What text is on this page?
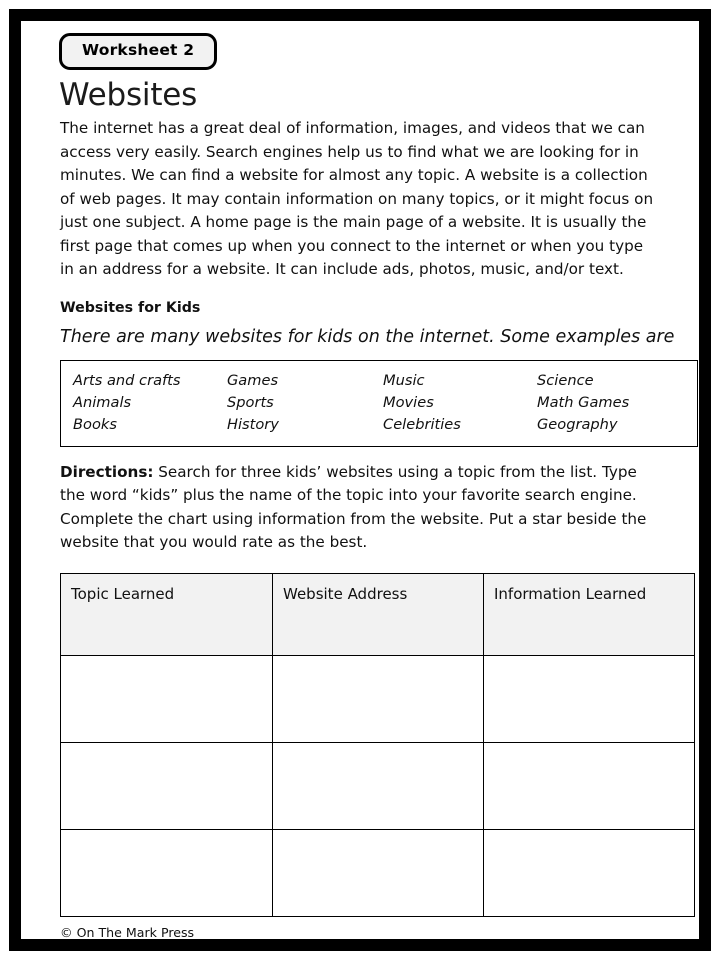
Worksheet 2
Websites

The internet has a great deal of information, images, and videos that we can access very easily. Search engines help us to find what we are looking for in minutes. We can find a website for almost any topic. A website is a collection of web pages. It may contain information on many topics, or it might focus on just one subject. A home page is the main page of a website. It is usually the first page that comes up when you connect to the internet or when you type in an address for a website. It can include ads, photos, music, and/or text.

Websites for Kids
There are many websites for kids on the internet. Some examples are
Arts and crafts	Games	Music	Science
Animals	Sports	Movies	Math Games
Books	History	Celebrities	Geography

Directions: Search for three kids’ websites using a topic from the list. Type the word “kids” plus the name of the topic into your favorite search engine. Complete the chart using information from the website. Put a star beside the website that you would rate as the best.

Topic Learned	Website Address	Information Learned

© On The Mark Press
